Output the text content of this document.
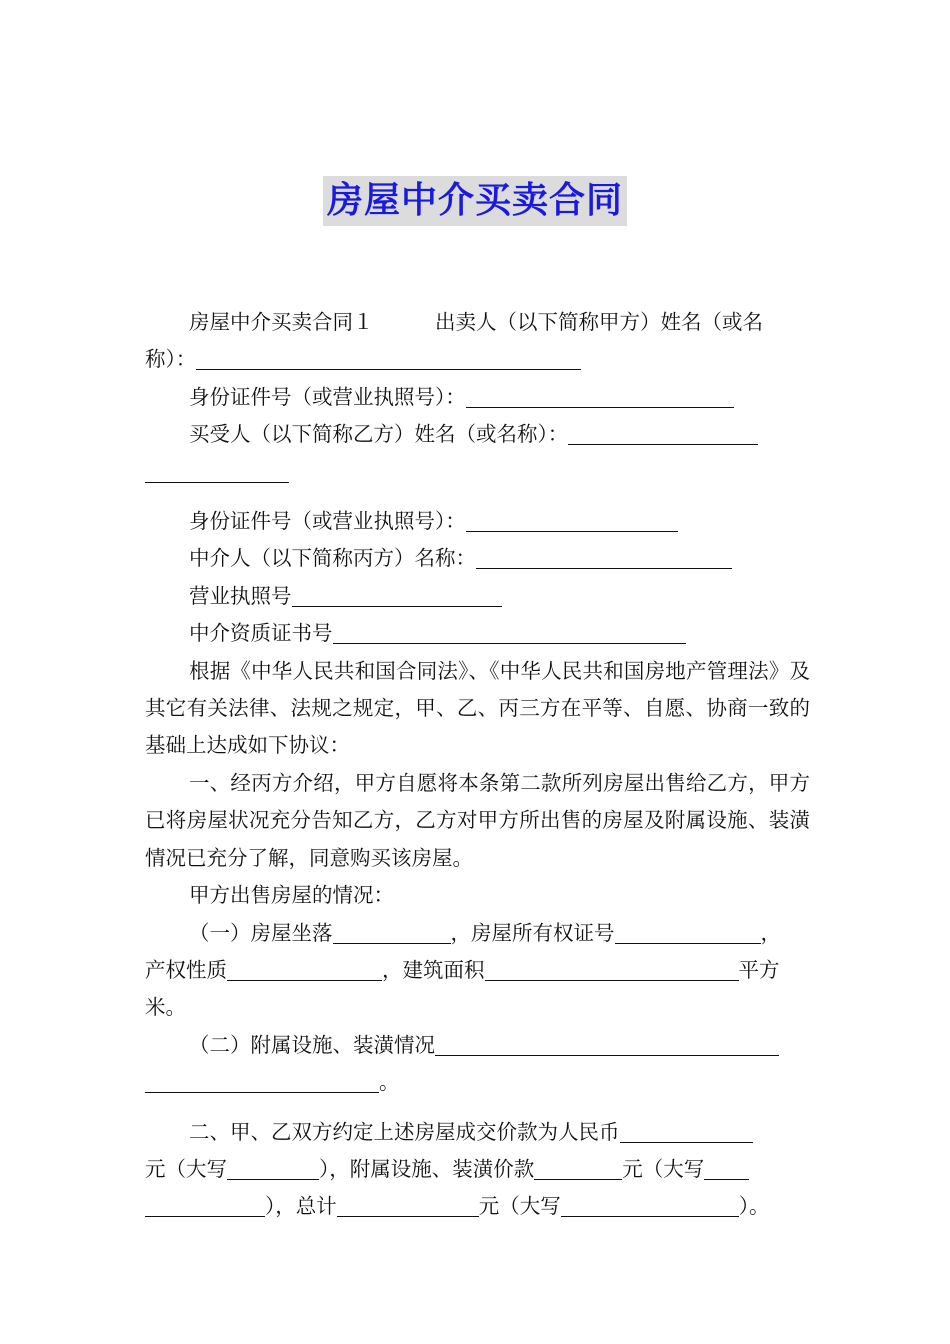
房屋中介买卖合同

房屋中介买卖合同１　　　出卖人（以下简称甲方）姓名（或名

称）：

身份证件号（或营业执照号）：

买受人（以下简称乙方）姓名（或名称）：

身份证件号（或营业执照号）：

中介人（以下简称丙方）名称：

营业执照号

中介资质证书号

根据《中华人民共和国合同法》、《中华人民共和国房地产管理法》及其它有关法律、法规之规定，甲、乙、丙三方在平等、自愿、协商一致的基础上达成如下协议：

一、经丙方介绍，甲方自愿将本条第二款所列房屋出售给乙方，甲方已将房屋状况充分告知乙方，乙方对甲方所出售的房屋及附属设施、装潢情况已充分了解，同意购买该房屋。

甲方出售房屋的情况：

（一）房屋坐落	，房屋所有权证号	，

产权性质	，建筑面积	平方

米。

（二）附属设施、装潢情况

。

二、甲、乙双方约定上述房屋成交价款为人民币

元（大写	），附属设施、装潢价款	元（大写

），总计	元（大写	）。
